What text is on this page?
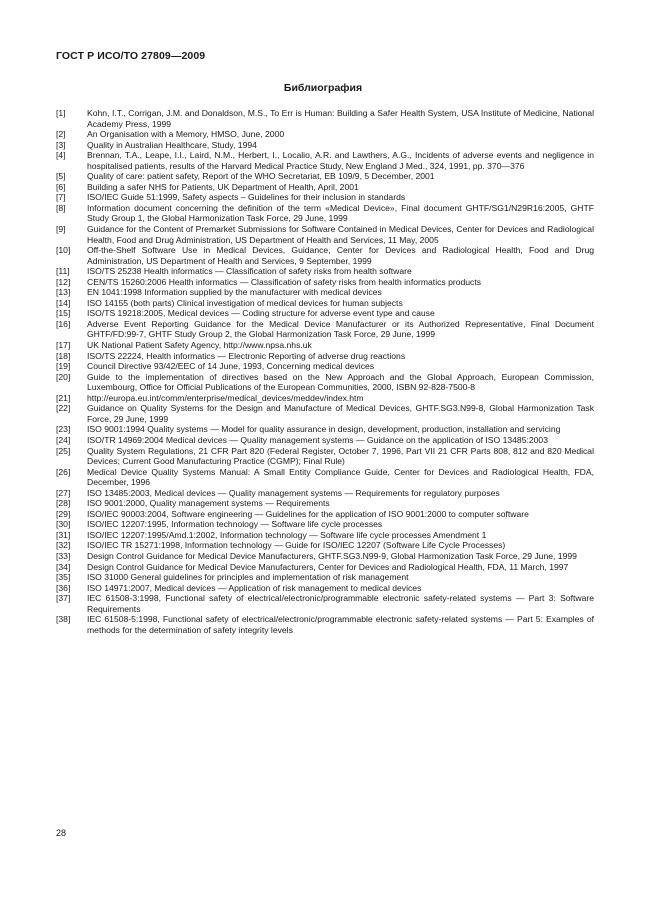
ГОСТ Р ИСО/ТО 27809—2009
Библиография
[1]	Kohn, I.T., Corrigan, J.M. and Donaldson, M.S., To Err is Human: Building a Safer Health System, USA Institute of Medicine, National Academy Press, 1999
[2]	An Organisation with a Memory, HMSO, June, 2000
[3]	Quality in Australian Healthcare, Study, 1994
[4]	Brennan, T.A., Leape, I.I., Laird, N.M., Herbert, I., Localio, A.R. and Lawthers, A.G., Incidents of adverse events and negligence in hospitalised patients, results of the Harvard Medical Practice Study, New England J Med., 324, 1991, pp. 370—376
[5]	Quality of care: patient safety, Report of the WHO Secretariat, EB 109/9, 5 December, 2001
[6]	Building a safer NHS for Patients, UK Department of Health, April, 2001
[7]	ISO/IEC Guide 51:1999, Safety aspects – Guidelines for their inclusion in standards
[8]	Information document concerning the definition of the term «Medical Device», Final document GHTF/SG1/N29R16:2005, GHTF Study Group 1, the Global Harmonization Task Force, 29 June, 1999
[9]	Guidance for the Content of Premarket Submissions for Software Contained in Medical Devices, Center for Devices and Radiological Health, Food and Drug Administration, US Department of Health and Services, 11 May, 2005
[10]	Off-the-Shelf Software Use in Medical Devices, Guidance, Center for Devices and Radiological Health, Food and Drug Administration, US Department of Health and Services, 9 September, 1999
[11]	ISO/TS 25238 Health informatics — Classification of safety risks from health software
[12]	CEN/TS 15260:2006 Health informatics — Classification of safety risks from health informatics products
[13]	EN 1041:1998 Information supplied by the manufacturer with medical devices
[14]	ISO 14155 (both parts) Clinical investigation of medical devices for human subjects
[15]	ISO/TS 19218:2005, Medical devices — Coding structure for adverse event type and cause
[16]	Adverse Event Reporting Guidance for the Medical Device Manufacturer or its Authorized Representative, Final Document GHTF/FD:99-7, GHTF Study Group 2, the Global Harmonization Task Force, 29 June, 1999
[17]	UK National Patient Safety Agency, http://www.npsa.nhs.uk
[18]	ISO/TS 22224, Health informatics — Electronic Reporting of adverse drug reactions
[19]	Council Directive 93/42/EEC of 14 June, 1993, Concerning medical devices
[20]	Guide to the implementation of directives based on the New Approach and the Global Approach, European Commission, Luxembourg, Office for Official Publications of the European Communities, 2000, ISBN 92-828-7500-8
[21]	http://europa.eu.int/comm/enterprise/medical_devices/meddev/index.htm
[22]	Guidance on Quality Systems for the Design and Manufacture of Medical Devices, GHTF.SG3.N99-8, Global Harmonization Task Force, 29 June, 1999
[23]	ISO 9001:1994 Quality systems — Model for quality assurance in design, development, production, installation and servicing
[24]	ISO/TR 14969:2004 Medical devices — Quality management systems — Guidance on the application of ISO 13485:2003
[25]	Quality System Regulations, 21 CFR Part 820 (Federal Register, October 7, 1996, Part VII 21 CFR Parts 808, 812 and 820 Medical Devices; Current Good Manufacturing Practice (CGMP); Final Rule)
[26]	Medical Device Quality Systems Manual: A Small Entity Compliance Guide, Center for Devices and Radiological Health, FDA, December, 1996
[27]	ISO 13485:2003, Medical devices — Quality management systems — Requirements for regulatory purposes
[28]	ISO 9001:2000, Quality management systems — Requirements
[29]	ISO/IEC 90003:2004, Software engineering — Guidelines for the application of ISO 9001:2000 to computer software
[30]	ISO/IEC 12207:1995, Information technology — Software life cycle processes
[31]	ISO/IEC 12207:1995/Amd.1:2002, Information technology — Software life cycle processes Amendment 1
[32]	ISO/IEC TR 15271:1998, Information technology — Guide for ISO/IEC 12207 (Software Life Cycle Processes)
[33]	Design Control Guidance for Medical Device Manufacturers, GHTF.SG3.N99-9, Global Harmonization Task Force, 29 June, 1999
[34]	Design Control Guidance for Medical Device Manufacturers, Center for Devices and Radiological Health, FDA, 11 March, 1997
[35]	ISO 31000 General guidelines for principles and implementation of risk management
[36]	ISO 14971:2007, Medical devices — Application of risk management to medical devices
[37]	IEC 61508-3:1998, Functional safety of electrical/electronic/programmable electronic safety-related systems — Part 3: Software Requirements
[38]	IEC 61508-5:1998, Functional safety of electrical/electronic/programmable electronic safety-related systems — Part 5: Examples of methods for the determination of safety integrity levels
28
